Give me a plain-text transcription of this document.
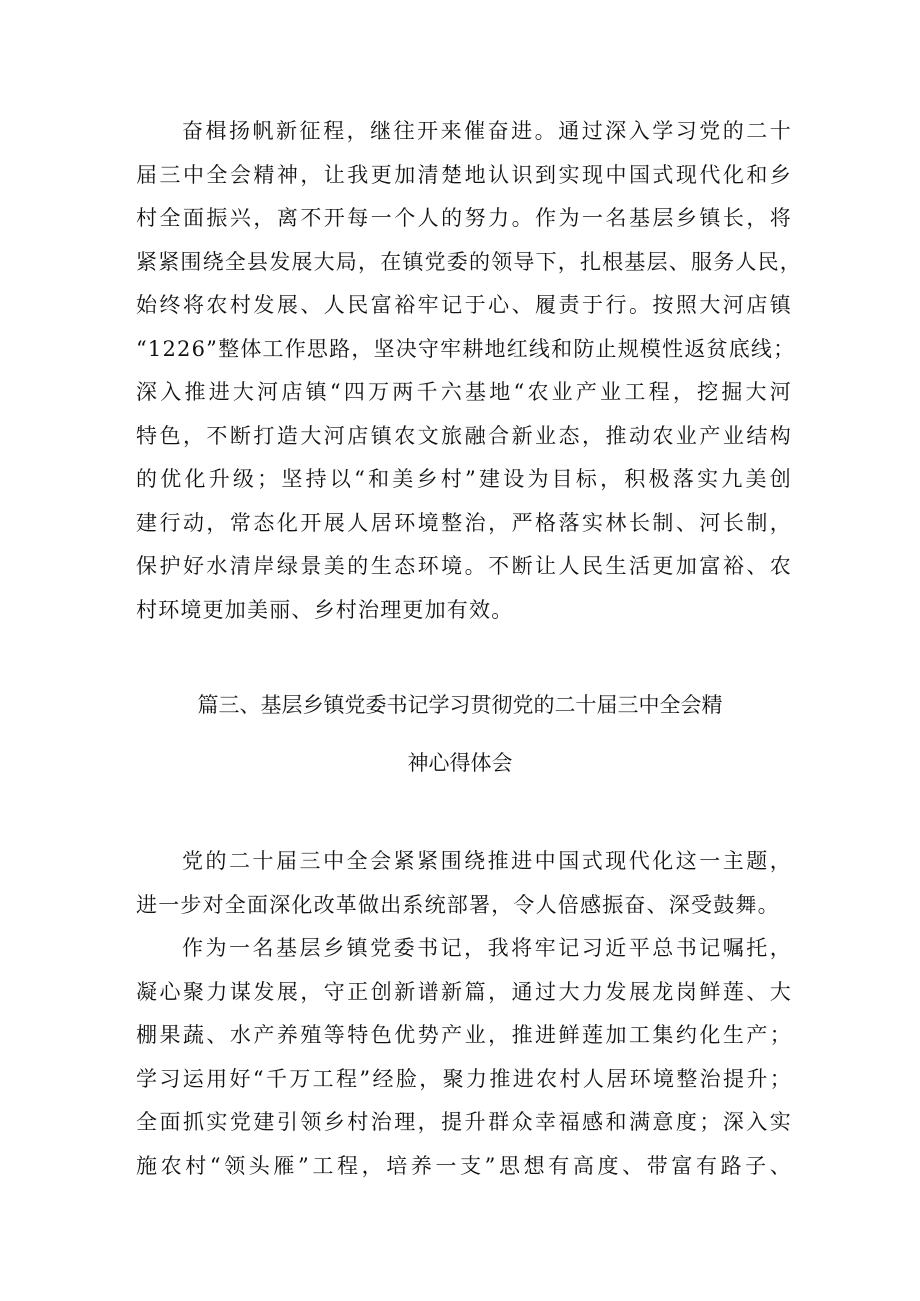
奋楫扬帆新征程，继往开来催奋进。通过深入学习党的二十
届三中全会精神，让我更加清楚地认识到实现中国式现代化和乡
村全面振兴，离不开每一个人的努力。作为一名基层乡镇长，将
紧紧围绕全县发展大局，在镇党委的领导下，扎根基层、服务人民，
始终将农村发展、人民富裕牢记于心、履责于行。按照大河店镇
“1226”整体工作思路，坚决守牢耕地红线和防止规模性返贫底线；
深入推进大河店镇“四万两千六基地“农业产业工程，挖掘大河
特色，不断打造大河店镇农文旅融合新业态，推动农业产业结构
的优化升级；坚持以“和美乡村”建设为目标，积极落实九美创
建行动，常态化开展人居环境整治，严格落实林长制、河长制，
保护好水清岸绿景美的生态环境。不断让人民生活更加富裕、农
村环境更加美丽、乡村治理更加有效。
篇三、基层乡镇党委书记学习贯彻党的二十届三中全会精
神心得体会
党的二十届三中全会紧紧围绕推进中国式现代化这一主题，
进一步对全面深化改革做出系统部署，令人倍感振奋、深受鼓舞。
作为一名基层乡镇党委书记，我将牢记习近平总书记嘱托，
凝心聚力谋发展，守正创新谱新篇，通过大力发展龙岗鲜莲、大
棚果蔬、水产养殖等特色优势产业，推进鲜莲加工集约化生产；
学习运用好“千万工程”经脸，聚力推进农村人居环境整治提升；
全面抓实党建引领乡村治理，提升群众幸福感和满意度；深入实
施农村“领头雁”工程，培养一支”思想有高度、带富有路子、
